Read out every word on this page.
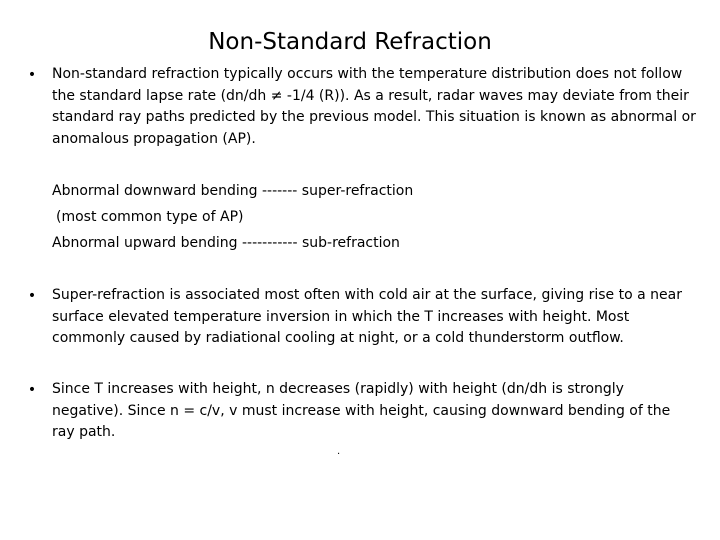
Non-Standard Refraction
• Non-standard refraction typically occurs with the temperature distribution does not follow the standard lapse rate (dn/dh ≠ -1/4 (R)). As a result, radar waves may deviate from their standard ray paths predicted by the previous model. This situation is known as abnormal or anomalous propagation (AP).
Abnormal downward bending ------- super-refraction
(most common type of AP)
Abnormal upward bending ----------- sub-refraction
• Super-refraction is associated most often with cold air at the surface, giving rise to a near surface elevated temperature inversion in which the T increases with height. Most commonly caused by radiational cooling at night, or a cold thunderstorm outflow.
• Since T increases with height, n decreases (rapidly) with height (dn/dh is strongly negative). Since n = c/v, v must increase with height, causing downward bending of the ray path.
.
